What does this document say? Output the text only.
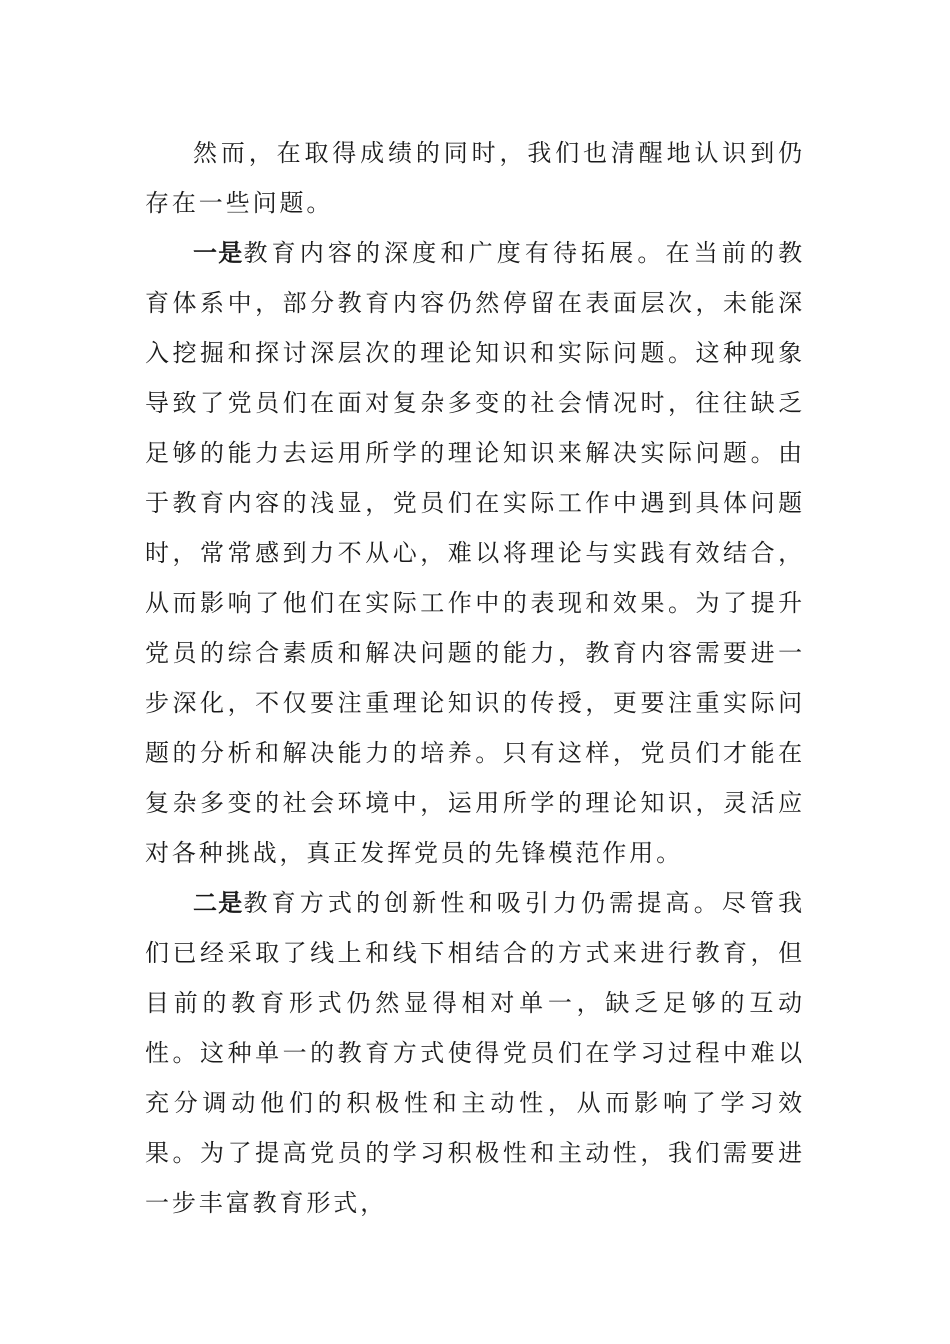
然而，在取得成绩的同时，我们也清醒地认识到仍存在一些问题。

一是教育内容的深度和广度有待拓展。在当前的教育体系中，部分教育内容仍然停留在表面层次，未能深入挖掘和探讨深层次的理论知识和实际问题。这种现象导致了党员们在面对复杂多变的社会情况时，往往缺乏足够的能力去运用所学的理论知识来解决实际问题。由于教育内容的浅显，党员们在实际工作中遇到具体问题时，常常感到力不从心，难以将理论与实践有效结合，从而影响了他们在实际工作中的表现和效果。为了提升党员的综合素质和解决问题的能力，教育内容需要进一步深化，不仅要注重理论知识的传授，更要注重实际问题的分析和解决能力的培养。只有这样，党员们才能在复杂多变的社会环境中，运用所学的理论知识，灵活应对各种挑战，真正发挥党员的先锋模范作用。

二是教育方式的创新性和吸引力仍需提高。尽管我们已经采取了线上和线下相结合的方式来进行教育，但目前的教育形式仍然显得相对单一，缺乏足够的互动性。这种单一的教育方式使得党员们在学习过程中难以充分调动他们的积极性和主动性，从而影响了学习效果。为了提高党员的学习积极性和主动性，我们需要进一步丰富教育形式，
